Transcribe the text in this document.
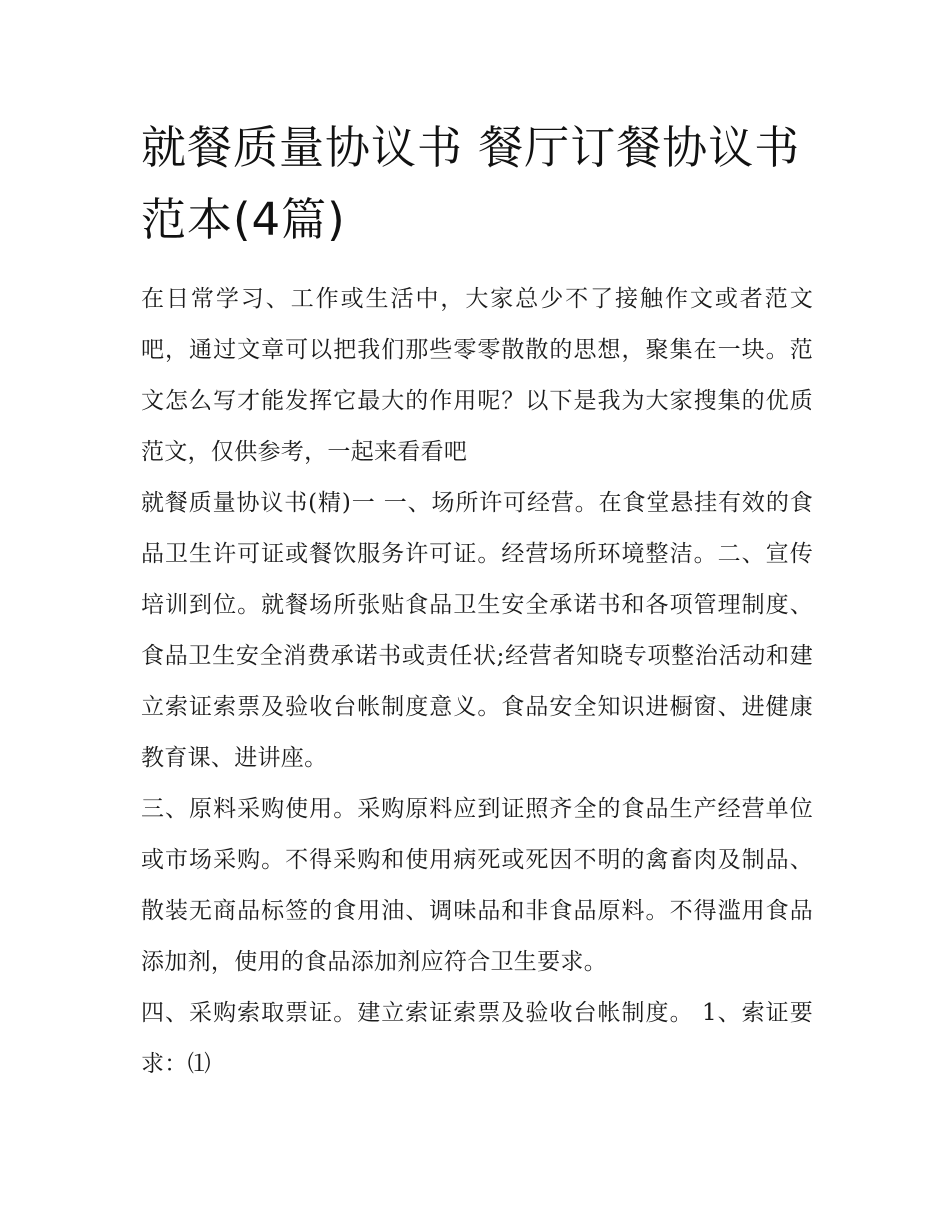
就餐质量协议书 餐厅订餐协议书范本(4篇)

在日常学习、工作或生活中，大家总少不了接触作文或者范文吧，通过文章可以把我们那些零零散散的思想，聚集在一块。范文怎么写才能发挥它最大的作用呢？以下是我为大家搜集的优质范文，仅供参考，一起来看看吧

就餐质量协议书(精)一 一、场所许可经营。在食堂悬挂有效的食品卫生许可证或餐饮服务许可证。经营场所环境整洁。二、宣传培训到位。就餐场所张贴食品卫生安全承诺书和各项管理制度、食品卫生安全消费承诺书或责任状;经营者知晓专项整治活动和建立索证索票及验收台帐制度意义。食品安全知识进橱窗、进健康教育课、进讲座。

三、原料采购使用。采购原料应到证照齐全的食品生产经营单位或市场采购。不得采购和使用病死或死因不明的禽畜肉及制品、散装无商品标签的食用油、调味品和非食品原料。不得滥用食品添加剂，使用的食品添加剂应符合卫生要求。

四、采购索取票证。建立索证索票及验收台帐制度。 1、索证要求：⑴
